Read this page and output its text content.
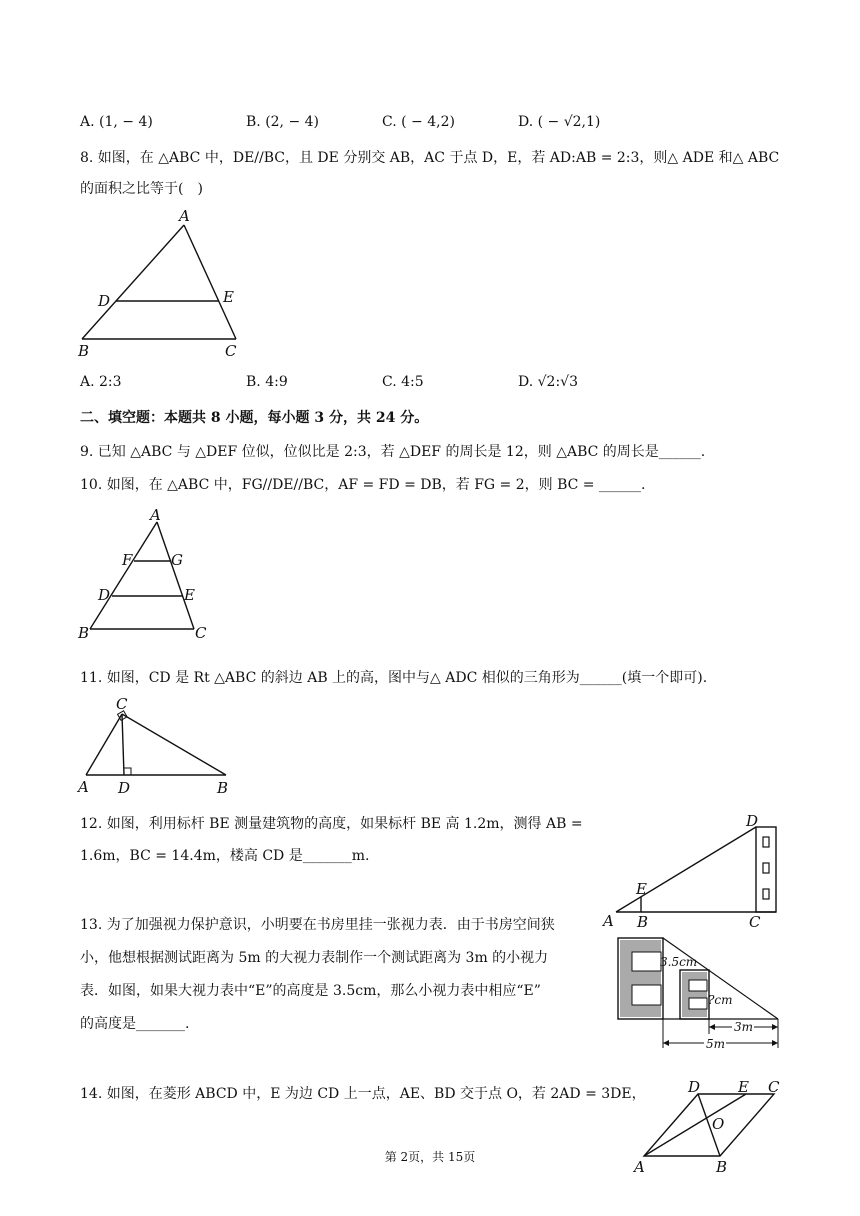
A. (1, − 4)	B. (2, − 4)	C. ( − 4,2)	D. ( − √2,1)
8. 如图，在 △ABC 中，DE//BC，且 DE 分别交 AB，AC 于点 D，E，若 AD:AB = 2:3，则△ ADE 和△ ABC
的面积之比等于(　)
A
D	E
B	C
A. 2:3	B. 4:9	C. 4:5	D. √2:√3
二、填空题：本题共 8 小题，每小题 3 分，共 24 分。
9. 已知 △ABC 与 △DEF 位似，位似比是 2:3，若 △DEF 的周长是 12，则 △ABC 的周长是______.
10. 如图，在 △ABC 中，FG//DE//BC，AF = FD = DB，若 FG = 2，则 BC = ______.
A
F	G
D	E
B	C
11. 如图，CD 是 Rt △ABC 的斜边 AB 上的高，图中与△ ADC 相似的三角形为______(填一个即可).
C
A D	B
12. 如图，利用标杆 BE 测量建筑物的高度，如果标杆 BE 高 1.2m，测得 AB =
1.6m，BC = 14.4m，楼高 CD 是_______m.
D
E
A B	C
13. 为了加强视力保护意识，小明要在书房里挂一张视力表．由于书房空间狭
小，他想根据测试距离为 5m 的大视力表制作一个测试距离为 3m 的小视力
表．如图，如果大视力表中“E”的高度是 3.5cm，那么小视力表中相应“E”
的高度是_______.
3.5cm
?cm
3m
5m
14. 如图，在菱形 ABCD 中，E 为边 CD 上一点，AE、BD 交于点 O，若 2AD = 3DE，	D	E C
O
A	B
第 2页，共 15页
